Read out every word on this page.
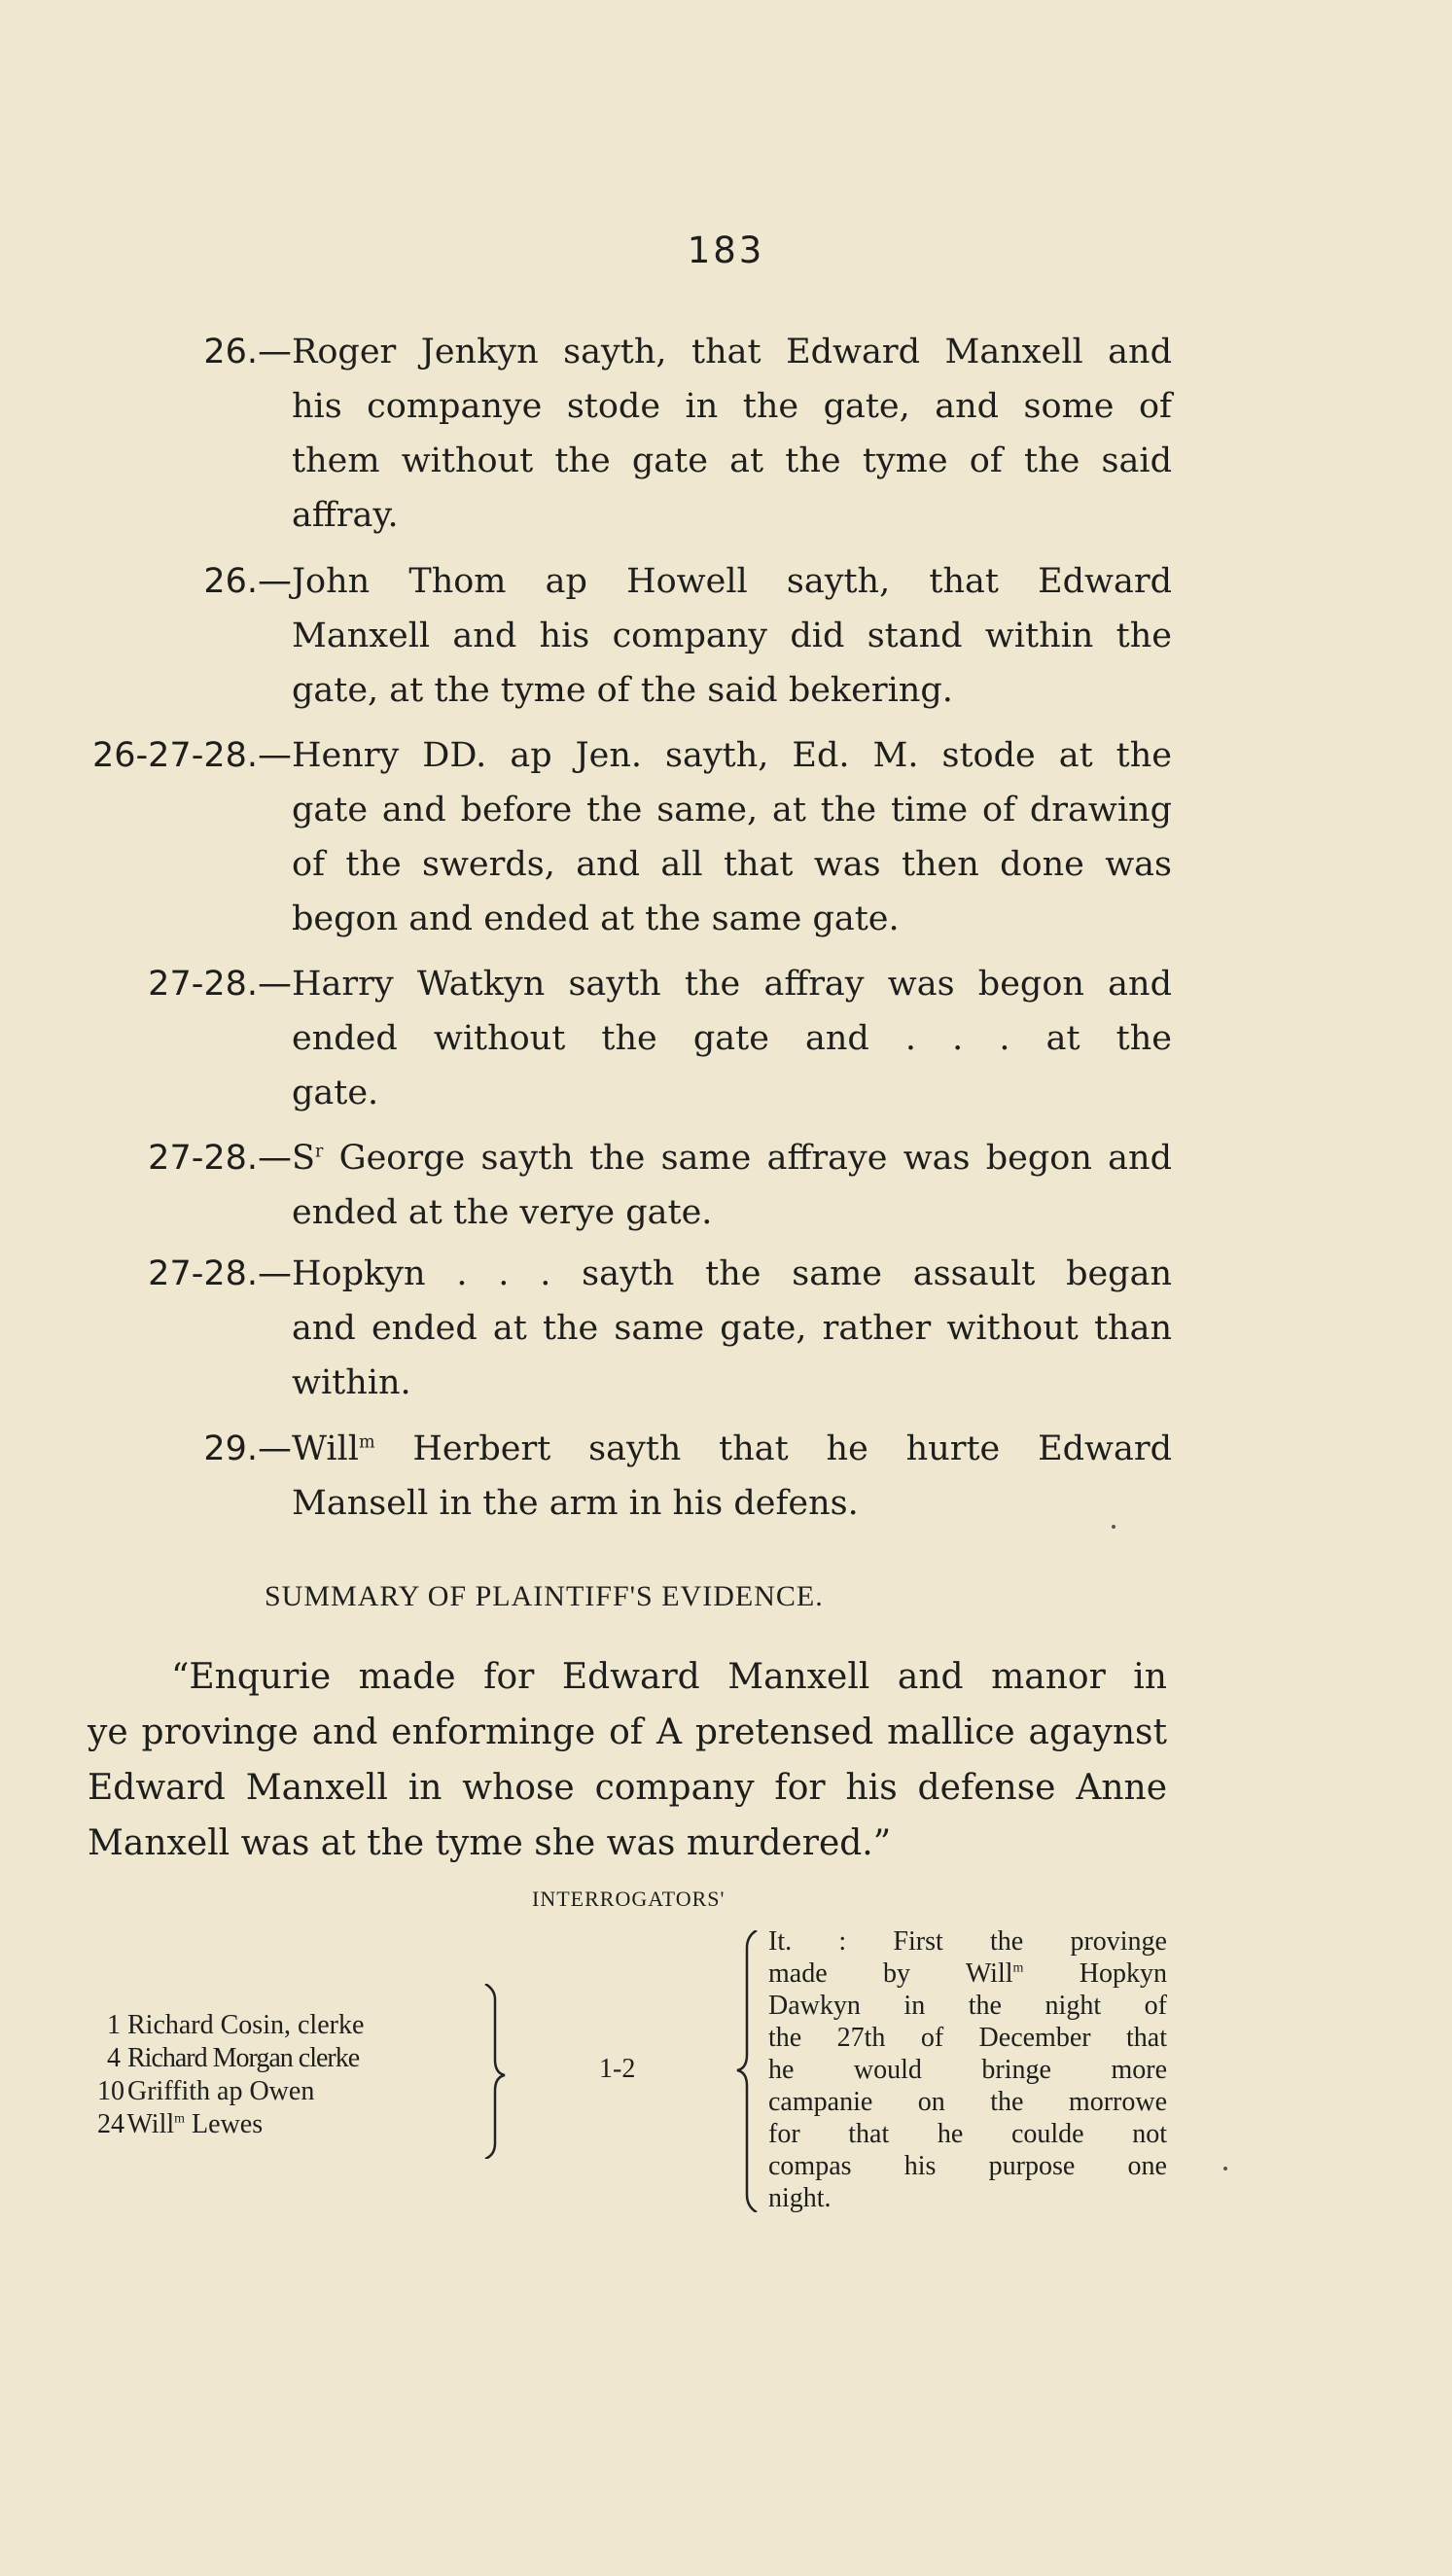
183
26.— Roger Jenkyn sayth, that Edward Manxell and
his companye stode in the gate, and some of
them without the gate at the tyme of the said
affray.
26.— John Thom ap Howell sayth, that Edward
Manxell and his company did stand within the
gate, at the tyme of the said bekering.
26-27-28.— Henry DD. ap Jen. sayth, Ed. M. stode at the
gate and before the same, at the time of drawing
of the swerds, and all that was then done was
begon and ended at the same gate.
27-28.— Harry Watkyn sayth the affray was begon and
ended without the gate and . . . at the
gate.
27-28.— $S^r$ George sayth the same affraye was begon and
ended at the verye gate.
27-28.— Hopkyn . . . sayth the same assault began
and ended at the same gate, rather without than
within.
29.— Will$^m$ Herbert sayth that he hurte Edward
Mansell in the arm in his defens.
SUMMARY OF PLAINTIFF'S EVIDENCE.
“Enqurie made for Edward Manxell and manor in
ye provinge and enforminge of A pretensed mallice agaynst
Edward Manxell in whose company for his defense Anne
Manxell was at the tyme she was murdered.”
INTERROGATORS'
1 Richard Cosin, clerke
4 Richard Morgan clerke
10 Griffith ap Owen
24 Will$^m$ Lewes
1-2
It. : First the provinge
made by Will$^m$ Hopkyn
Dawkyn in the night of
the 27th of December that
he would bringe more
campanie on the morrowe
for that he coulde not
compas his purpose one
night.
